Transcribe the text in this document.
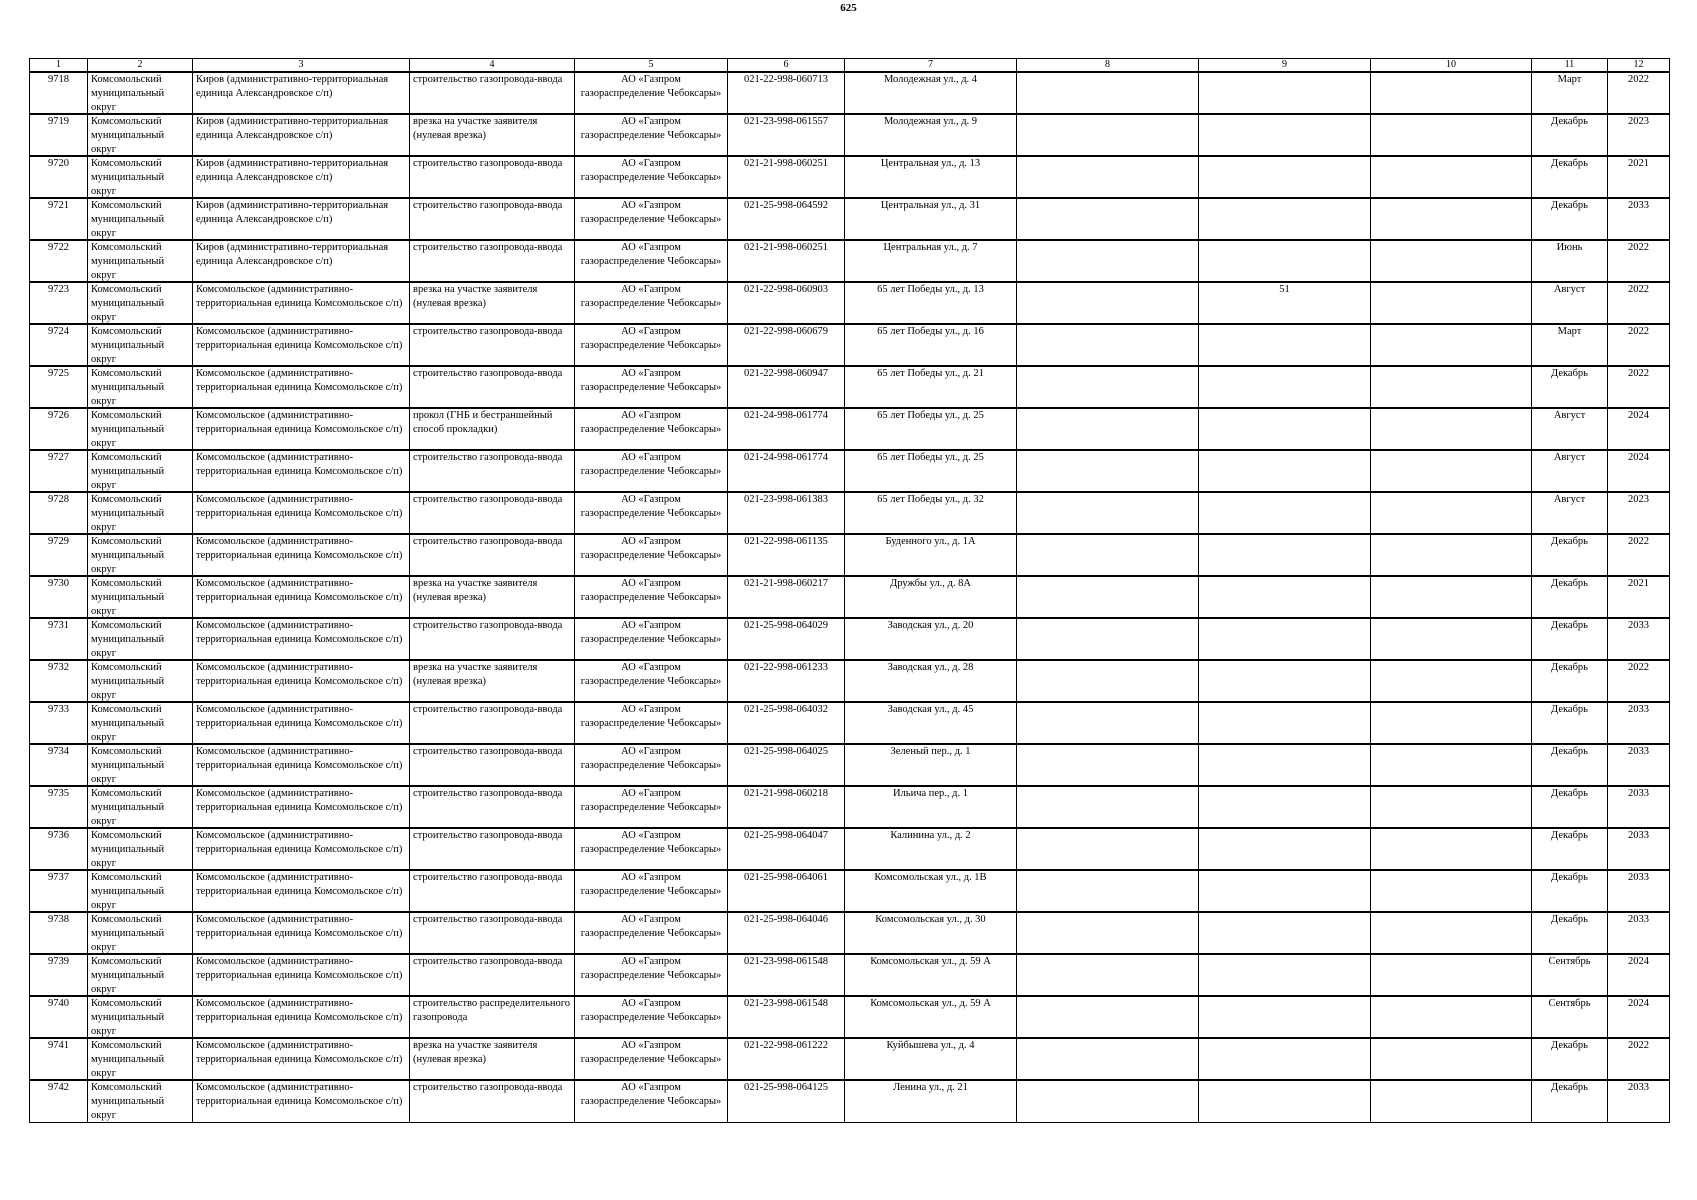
625
1	2	3	4	5	6	7	8	9	10	11	12

9718	Комсомольский муниципальный округ	Киров (административно-территориальная единица Александровское с/п)	строительство газопровода-ввода	АО «Газпром газораспределение Чебоксары»	021-22-998-060713	Молодежная ул., д. 4				Март	2022

9719	Комсомольский муниципальный округ	Киров (административно-территориальная единица Александровское с/п)	врезка на участке заявителя (нулевая врезка)	АО «Газпром газораспределение Чебоксары»	021-23-998-061557	Молодежная ул., д. 9				Декабрь	2023

9720	Комсомольский муниципальный округ	Киров (административно-территориальная единица Александровское с/п)	строительство газопровода-ввода	АО «Газпром газораспределение Чебоксары»	021-21-998-060251	Центральная ул., д. 13				Декабрь	2021

9721	Комсомольский муниципальный округ	Киров (административно-территориальная единица Александровское с/п)	строительство газопровода-ввода	АО «Газпром газораспределение Чебоксары»	021-25-998-064592	Центральная ул., д. 31				Декабрь	2033

9722	Комсомольский муниципальный округ	Киров (административно-территориальная единица Александровское с/п)	строительство газопровода-ввода	АО «Газпром газораспределение Чебоксары»	021-21-998-060251	Центральная ул., д. 7				Июнь	2022

9723	Комсомольский муниципальный округ	Комсомольское (административно-территориальная единица Комсомольское с/п)	врезка на участке заявителя (нулевая врезка)	АО «Газпром газораспределение Чебоксары»	021-22-998-060903	65 лет Победы ул., д. 13		51		Август	2022

9724	Комсомольский муниципальный округ	Комсомольское (административно-территориальная единица Комсомольское с/п)	строительство газопровода-ввода	АО «Газпром газораспределение Чебоксары»	021-22-998-060679	65 лет Победы ул., д. 16				Март	2022

9725	Комсомольский муниципальный округ	Комсомольское (административно-территориальная единица Комсомольское с/п)	строительство газопровода-ввода	АО «Газпром газораспределение Чебоксары»	021-22-998-060947	65 лет Победы ул., д. 21				Декабрь	2022

9726	Комсомольский муниципальный округ	Комсомольское (административно-территориальная единица Комсомольское с/п)	прокол (ГНБ и бестраншейный способ прокладки)	АО «Газпром газораспределение Чебоксары»	021-24-998-061774	65 лет Победы ул., д. 25				Август	2024

9727	Комсомольский муниципальный округ	Комсомольское (административно-территориальная единица Комсомольское с/п)	строительство газопровода-ввода	АО «Газпром газораспределение Чебоксары»	021-24-998-061774	65 лет Победы ул., д. 25				Август	2024

9728	Комсомольский муниципальный округ	Комсомольское (административно-территориальная единица Комсомольское с/п)	строительство газопровода-ввода	АО «Газпром газораспределение Чебоксары»	021-23-998-061383	65 лет Победы ул., д. 32				Август	2023

9729	Комсомольский муниципальный округ	Комсомольское (административно-территориальная единица Комсомольское с/п)	строительство газопровода-ввода	АО «Газпром газораспределение Чебоксары»	021-22-998-061135	Буденного ул., д. 1А				Декабрь	2022

9730	Комсомольский муниципальный округ	Комсомольское (административно-территориальная единица Комсомольское с/п)	врезка на участке заявителя (нулевая врезка)	АО «Газпром газораспределение Чебоксары»	021-21-998-060217	Дружбы ул., д. 8А				Декабрь	2021

9731	Комсомольский муниципальный округ	Комсомольское (административно-территориальная единица Комсомольское с/п)	строительство газопровода-ввода	АО «Газпром газораспределение Чебоксары»	021-25-998-064029	Заводская ул., д. 20				Декабрь	2033

9732	Комсомольский муниципальный округ	Комсомольское (административно-территориальная единица Комсомольское с/п)	врезка на участке заявителя (нулевая врезка)	АО «Газпром газораспределение Чебоксары»	021-22-998-061233	Заводская ул., д. 28				Декабрь	2022

9733	Комсомольский муниципальный округ	Комсомольское (административно-территориальная единица Комсомольское с/п)	строительство газопровода-ввода	АО «Газпром газораспределение Чебоксары»	021-25-998-064032	Заводская ул., д. 45				Декабрь	2033

9734	Комсомольский муниципальный округ	Комсомольское (административно-территориальная единица Комсомольское с/п)	строительство газопровода-ввода	АО «Газпром газораспределение Чебоксары»	021-25-998-064025	Зеленый пер., д. 1				Декабрь	2033

9735	Комсомольский муниципальный округ	Комсомольское (административно-территориальная единица Комсомольское с/п)	строительство газопровода-ввода	АО «Газпром газораспределение Чебоксары»	021-21-998-060218	Ильича пер., д. 1				Декабрь	2033

9736	Комсомольский муниципальный округ	Комсомольское (административно-территориальная единица Комсомольское с/п)	строительство газопровода-ввода	АО «Газпром газораспределение Чебоксары»	021-25-998-064047	Калинина ул., д. 2				Декабрь	2033

9737	Комсомольский муниципальный округ	Комсомольское (административно-территориальная единица Комсомольское с/п)	строительство газопровода-ввода	АО «Газпром газораспределение Чебоксары»	021-25-998-064061	Комсомольская ул., д. 1В				Декабрь	2033

9738	Комсомольский муниципальный округ	Комсомольское (административно-территориальная единица Комсомольское с/п)	строительство газопровода-ввода	АО «Газпром газораспределение Чебоксары»	021-25-998-064046	Комсомольская ул., д. 30				Декабрь	2033

9739	Комсомольский муниципальный округ	Комсомольское (административно-территориальная единица Комсомольское с/п)	строительство газопровода-ввода	АО «Газпром газораспределение Чебоксары»	021-23-998-061548	Комсомольская ул., д. 59 А				Сентябрь	2024

9740	Комсомольский муниципальный округ	Комсомольское (административно-территориальная единица Комсомольское с/п)	строительство распределительного газопровода	АО «Газпром газораспределение Чебоксары»	021-23-998-061548	Комсомольская ул., д. 59 А				Сентябрь	2024

9741	Комсомольский муниципальный округ	Комсомольское (административно-территориальная единица Комсомольское с/п)	врезка на участке заявителя (нулевая врезка)	АО «Газпром газораспределение Чебоксары»	021-22-998-061222	Куйбышева ул., д. 4				Декабрь	2022

9742	Комсомольский муниципальный округ	Комсомольское (административно-территориальная единица Комсомольское с/п)	строительство газопровода-ввода	АО «Газпром газораспределение Чебоксары»	021-25-998-064125	Ленина ул., д. 21				Декабрь	2033
